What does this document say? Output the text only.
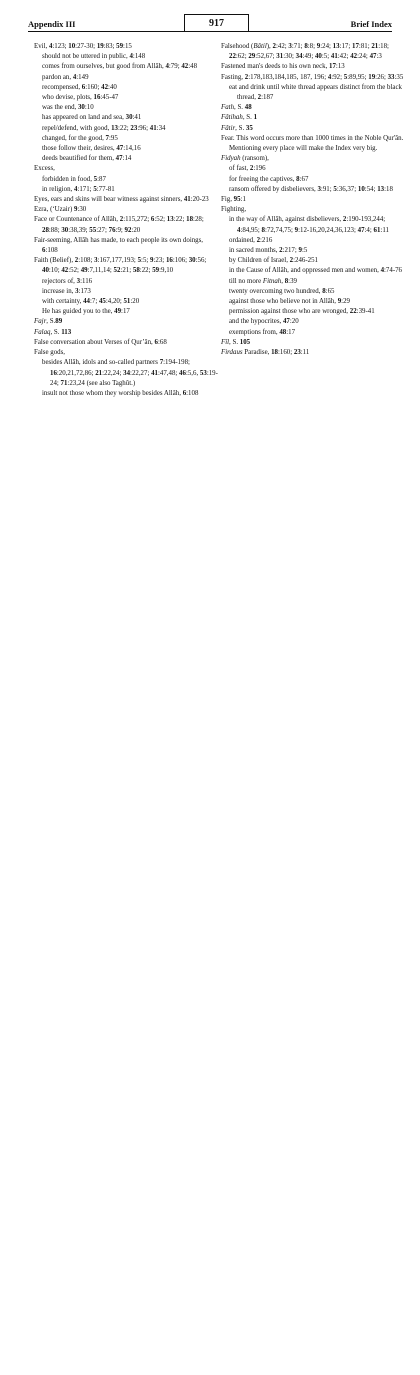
Appendix III	917	Brief Index
Evil, 4:123; 10:27-30; 19:83; 59:15
should not be uttered in public, 4:148
comes from ourselves, but good from Allâh, 4:79; 42:48
pardon an, 4:149
recompensed, 6:160; 42:40
who devise, plots, 16:45-47
was the end, 30:10
has appeared on land and sea, 30:41
repel/defend, with good, 13:22; 23:96; 41:34
changed, for the good, 7:95
those follow their, desires, 47:14,16
deeds beautified for them, 47:14
Excess,
forbidden in food, 5:87
in religion, 4:171; 5:77-81
Eyes, ears and skins will bear witness against sinners, 41:20-23
Ezra, (‘Uzair) 9:30
Face or Countenance of Allâh, 2:115,272; 6:52; 13:22; 18:28; 28:88; 30:38,39; 55:27; 76:9; 92:20
Fair-seeming, Allâh has made, to each people its own doings, 6:108
Faith (Belief), 2:108; 3:167,177,193; 5:5; 9:23; 16:106; 30:56; 40:10; 42:52; 49:7,11,14; 52:21; 58:22; 59:9,10
rejectors of, 3:116
increase in, 3:173
with certainty, 44:7; 45:4,20; 51:20
He has guided you to the, 49:17
Fajr, S.89
Falaq, S. 113
False conversation about Verses of Qur’ân, 6:68
False gods,
besides Allâh, idols and so-called partners 7:194-198; 16:20,21,72,86; 21:22,24; 34:22,27; 41:47,48; 46:5,6, 53:19-24; 71:23,24 (see also Taghût.)
insult not those whom they worship besides Allâh, 6:108
Falsehood (Bâtil), 2:42; 3:71; 8:8; 9:24; 13:17; 17:81; 21:18; 22:62; 29:52,67; 31:30; 34:49; 40:5; 41:42; 42:24; 47:3
Fastened man's deeds to his own neck, 17:13
Fasting, 2:178,183,184,185, 187, 196; 4:92; 5:89,95; 19:26; 33:35
eat and drink until white thread appears distinct from the black thread, 2:187
Fath, S. 48
Fâtihah, S. 1
Fâtir, S. 35
Fear. This word occurs more than 1000 times in the Noble Qur'ân. Mentioning every place will make the Index very big.
Fidyah (ransom),
of fast, 2:196
for freeing the captives, 8:67
ransom offered by disbelievers, 3:91; 5:36,37; 10:54; 13:18
Fig, 95:1
Fighting,
in the way of Allâh, against disbelievers, 2:190-193,244; 4:84,95; 8:72,74,75; 9:12-16,20,24,36,123; 47:4; 61:11
ordained, 2:216
in sacred months, 2:217; 9:5
by Children of Israel, 2:246-251
in the Cause of Allâh, and oppressed men and women, 4:74-76
till no more Fitnah, 8:39
twenty overcoming two hundred, 8:65
against those who believe not in Allâh, 9:29
permission against those who are wronged, 22:39-41
and the hypocrites, 47:20
exemptions from, 48:17
Fîl, S. 105
Firdaus Paradise, 18:160; 23:11
